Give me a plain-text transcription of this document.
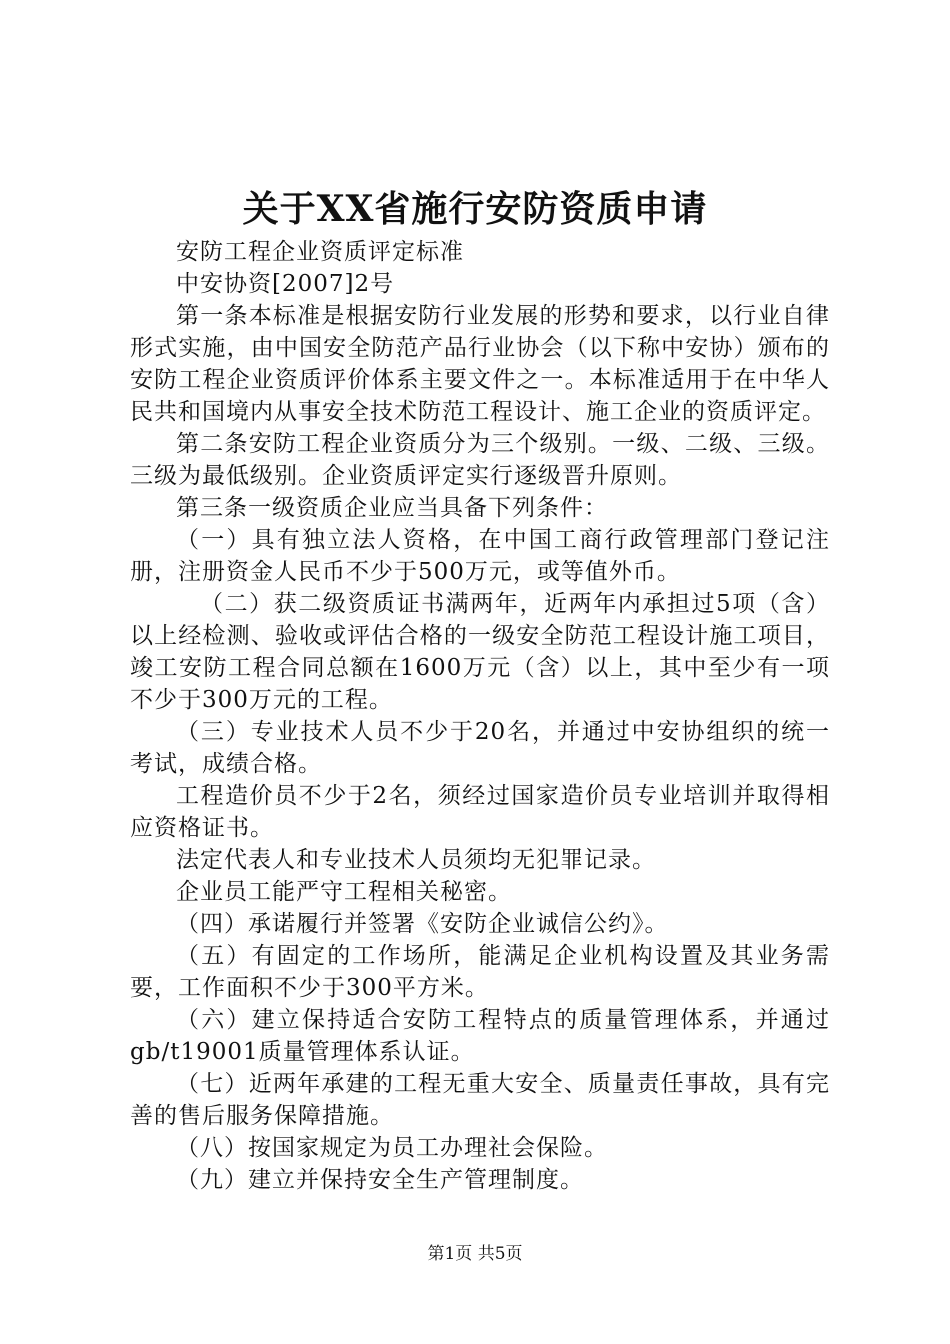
关于XX省施行安防资质申请

安防工程企业资质评定标准

中安协资[2007]2号

第一条本标准是根据安防行业发展的形势和要求，以行业自律形式实施，由中国安全防范产品行业协会（以下称中安协）颁布的安防工程企业资质评价体系主要文件之一。本标准适用于在中华人民共和国境内从事安全技术防范工程设计、施工企业的资质评定。

第二条安防工程企业资质分为三个级别。一级、二级、三级。三级为最低级别。企业资质评定实行逐级晋升原则。

第三条一级资质企业应当具备下列条件：

（一）具有独立法人资格，在中国工商行政管理部门登记注册，注册资金人民币不少于500万元，或等值外币。

（二）获二级资质证书满两年，近两年内承担过5项（含）以上经检测、验收或评估合格的一级安全防范工程设计施工项目，竣工安防工程合同总额在1600万元（含）以上，其中至少有一项不少于300万元的工程。

（三）专业技术人员不少于20名，并通过中安协组织的统一考试，成绩合格。

工程造价员不少于2名，须经过国家造价员专业培训并取得相应资格证书。

法定代表人和专业技术人员须均无犯罪记录。

企业员工能严守工程相关秘密。

（四）承诺履行并签署《安防企业诚信公约》。

（五）有固定的工作场所，能满足企业机构设置及其业务需要，工作面积不少于300平方米。

（六）建立保持适合安防工程特点的质量管理体系，并通过gb/t19001质量管理体系认证。

（七）近两年承建的工程无重大安全、质量责任事故，具有完善的售后服务保障措施。

（八）按国家规定为员工办理社会保险。

（九）建立并保持安全生产管理制度。

第1页 共5页
